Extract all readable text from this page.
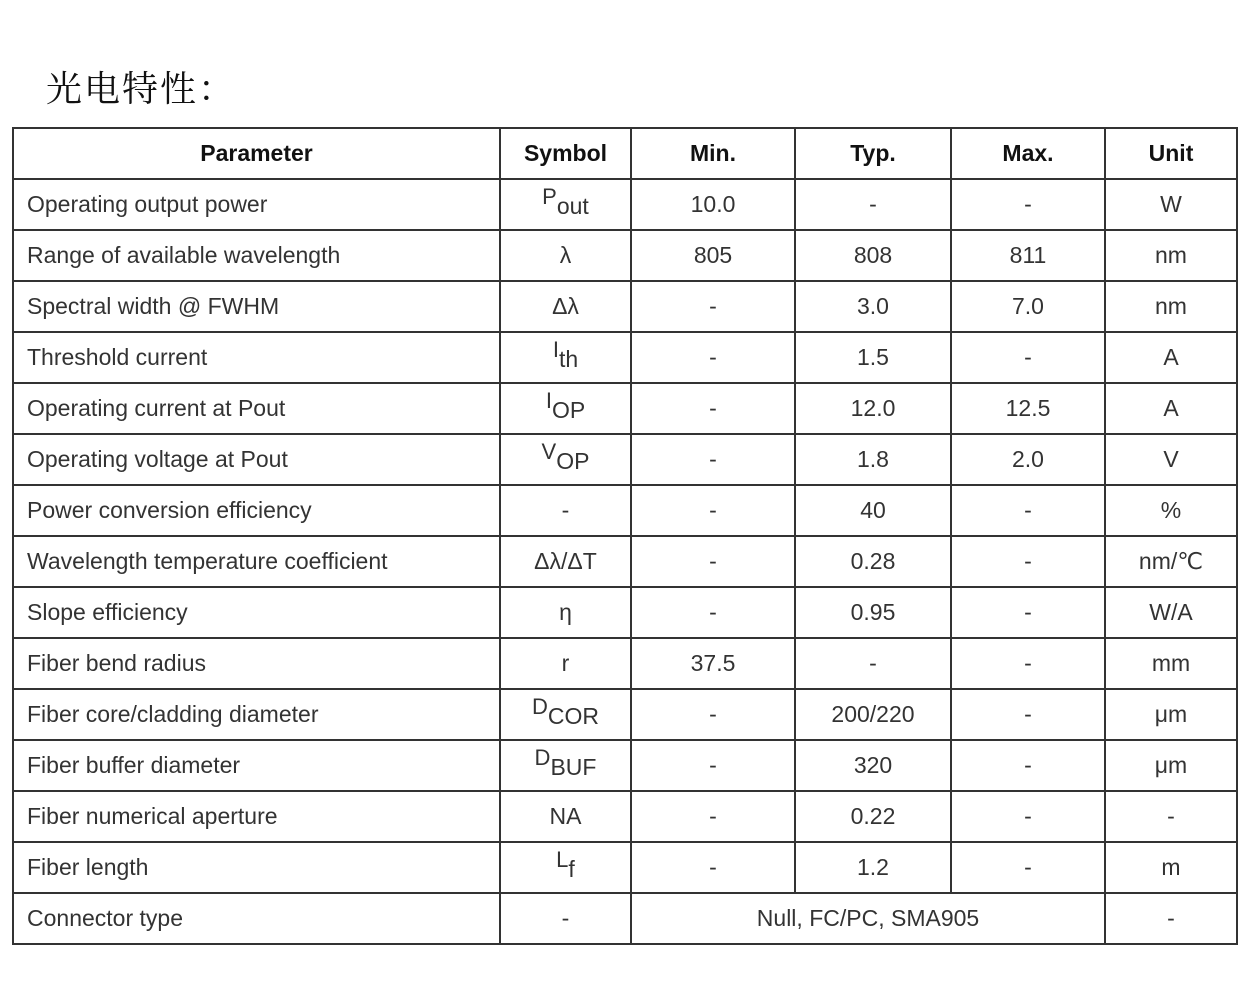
光电特性：
Parameter	Symbol	Min.	Typ.	Max.	Unit
Operating output power	Pout	10.0	-	-	W
Range of available wavelength	λ	805	808	811	nm
Spectral width @ FWHM	Δλ	-	3.0	7.0	nm
Threshold current	Ith	-	1.5	-	A
Operating current at Pout	IOP	-	12.0	12.5	A
Operating voltage at Pout	VOP	-	1.8	2.0	V
Power conversion efficiency	-	-	40	-	%
Wavelength temperature coefficient	Δλ/ΔT	-	0.28	-	nm/℃
Slope efficiency	η	-	0.95	-	W/A
Fiber bend radius	r	37.5	-	-	mm
Fiber core/cladding diameter	DCOR	-	200/220	-	μm
Fiber buffer diameter	DBUF	-	320	-	μm
Fiber numerical aperture	NA	-	0.22	-	-
Fiber length	Lf	-	1.2	-	m
Connector type	-	Null, FC/PC, SMA905			-
